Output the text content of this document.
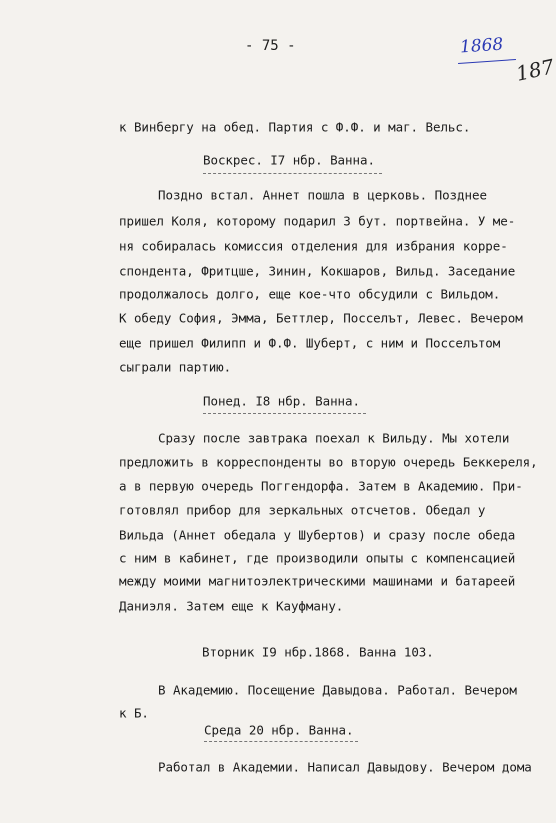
- 75 -	1868
187
к Винбергу на обед. Партия с Ф.Ф. и маг. Вельс.
Воскрес. I7 нбр. Ванна.
Поздно встал. Аннет пошла в церковь. Позднее
пришел Коля, которому подарил 3 бут. портвейна. У ме-
ня собиралась комиссия отделения для избрания корре-
спондента, Фритцше, Зинин, Кокшаров, Вильд. Заседание
продолжалось долго, еще кое-что обсудили с Вильдом.
К обеду София, Эмма, Беттлер, Посселът, Левес. Вечером
еще пришел Филипп и Ф.Ф. Шуберт, с ним и Посселътом
сыграли партию.
Понед. I8 нбр. Ванна.
Сразу после завтрака поехал к Вильду. Мы хотели
предложить в корреспонденты во вторую очередь Беккереля,
а в первую очередь Поггендорфа. Затем в Академию. При-
готовлял прибор для зеркальных отсчетов. Обедал у
Вильда (Аннет обедала у Шубертов) и сразу после обеда
с ним в кабинет, где производили опыты с компенсацией
между моими магнитоэлектрическими машинами и батареей
Даниэля. Затем еще к Кауфману.
Вторник I9 нбр.1868. Ванна 103.
В Академию. Посещение Давыдова. Работал. Вечером
к Б.
Среда 20 нбр. Ванна.
Работал в Академии. Написал Давыдову. Вечером дома
